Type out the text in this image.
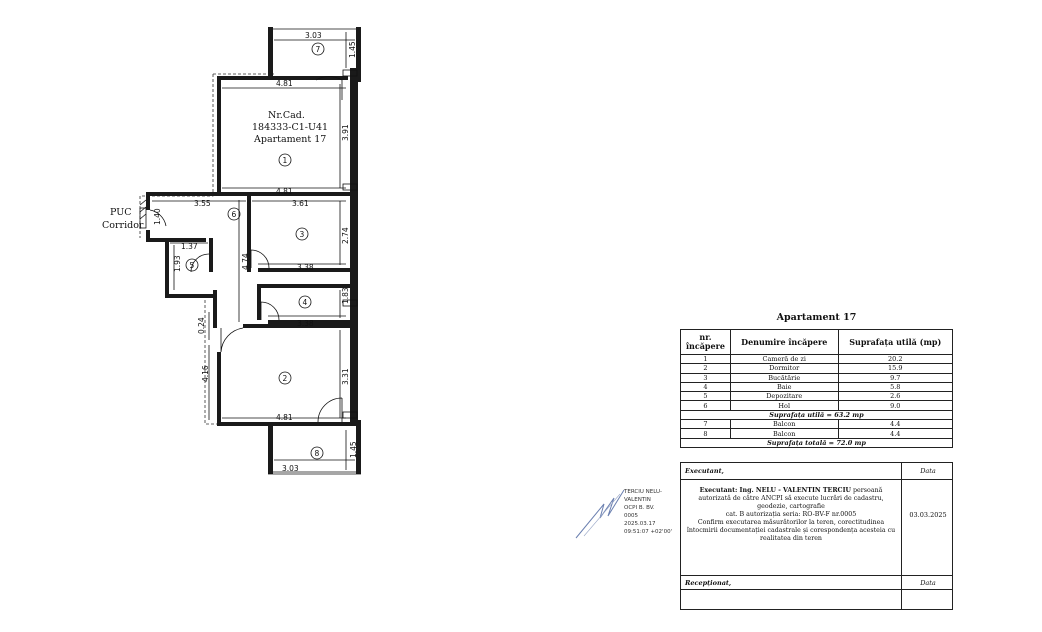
3.03
1.45
4.81
3.91
4.81
3.55	3.61
2.74
3.38
1.40
1.37
1.93	4.74
1.83
3.38
0.24
4.16	3.31
4.81
3.03
1.45
Nr.Cad.
184333-C1-U41
Apartament 17
PUC
Corridor
1
2
3
4
5
6
7
8
TERCIU NELU-
VALENTIN
OCPI B. BV.
0005
2025.03.17
09:51:07 +02'00'
Apartament 17
nr. încăpere	Denumire încăpere	Suprafața utilă (mp)
1	Cameră de zi	20.2
2	Dormitor	15.9
3	Bucătărie	9.7
4	Baie	5.8
5	Depozitare	2.6
6	Hol	9.0
Suprafața utilă = 63.2 mp		
7	Balcon	4.4
8	Balcon	4.4
Suprafața totală = 72.0 mp		
Executant,	Data
Executant: Ing. NELU - VALENTIN TERCIU persoană autorizată de către ANCPI să execute lucrări de cadastru, geodezie, cartografie
cat. B autorizația seria: RO-BV-F nr.0005
Confirm executarea măsurătorilor la teren, corectitudinea întocmirii documentației cadastrale și corespondența acesteia cu realitatea din teren
03.03.2025
Recepționat,	Data
